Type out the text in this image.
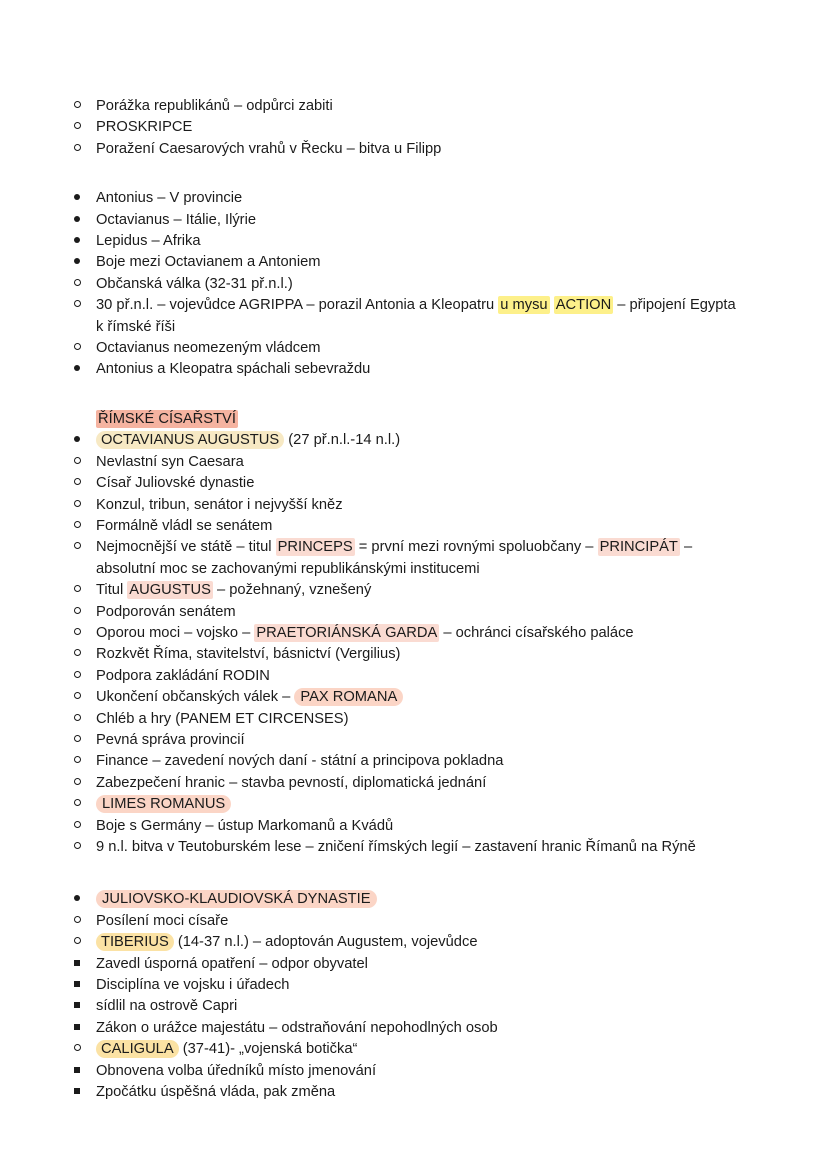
Porážka republikánů – odpůrci zabiti
PROSKRIPCE
Poražení Caesarových vrahů v Řecku – bitva u Filipp
Antonius – V provincie
Octavianus – Itálie, Ilýrie
Lepidus – Afrika
Boje mezi Octavianem a Antoniem
Občanská válka (32-31 př.n.l.)
30 př.n.l. – vojevůdce AGRIPPA – porazil Antonia a Kleopatru u mysu ACTION – připojení Egypta k římské říši
Octavianus neomezeným vládcem
Antonius a Kleopatra spáchali sebevraždu
ŘÍMSKÉ CÍSAŘSTVÍ
OCTAVIANUS AUGUSTUS (27 př.n.l.-14 n.l.)
Nevlastní syn Caesara
Císař Juliovské dynastie
Konzul, tribun, senátor i nejvyšší kněz
Formálně vládl se senátem
Nejmocnější ve státě – titul PRINCEPS = první mezi rovnými spoluobčany – PRINCIPÁT – absolutní moc se zachovanými republikánskými institucemi
Titul AUGUSTUS – požehnaný, vznešený
Podporován senátem
Oporou moci – vojsko – PRAETORIÁNSKÁ GARDA – ochránci císařského paláce
Rozkvět Říma, stavitelství, básnictví (Vergilius)
Podpora zakládání RODIN
Ukončení občanských válek – PAX ROMANA
Chléb a hry (PANEM ET CIRCENSES)
Pevná správa provincií
Finance – zavedení nových daní - státní a principova pokladna
Zabezpečení hranic – stavba pevností, diplomatická jednání
LIMES ROMANUS
Boje s Germány – ústup Markomanů a Kvádů
9 n.l. bitva v Teutoburském lese – zničení římských legií – zastavení hranic Římanů na Rýně
JULIOVSKO-KLAUDIOVSKÁ DYNASTIE
Posílení moci císaře
TIBERIUS (14-37 n.l.) – adoptován Augustem, vojevůdce
Zavedl úsporná opatření – odpor obyvatel
Disciplína ve vojsku i úřadech
sídlil na ostrově Capri
Zákon o urážce majestátu – odstraňování nepohodlných osob
CALIGULA (37-41)- „vojenská botička“
Obnovena volba úředníků místo jmenování
Zpočátku úspěšná vláda, pak změna
